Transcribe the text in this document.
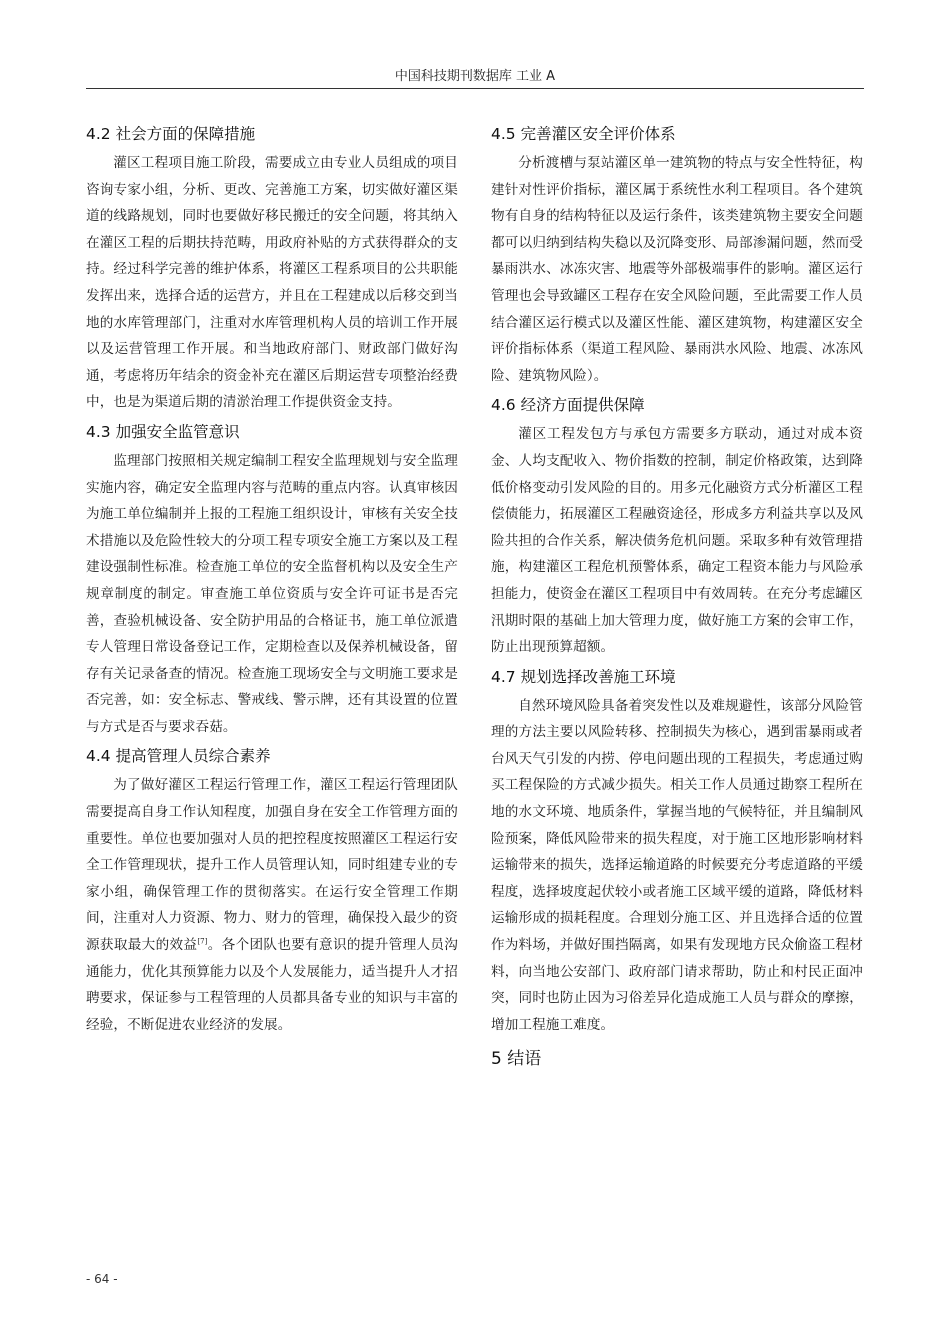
中国科技期刊数据库 工业 A
4.2 社会方面的保障措施

灌区工程项目施工阶段，需要成立由专业人员组成的项目咨询专家小组，分析、更改、完善施工方案，切实做好灌区渠道的线路规划，同时也要做好移民搬迁的安全问题，将其纳入在灌区工程的后期扶持范畴，用政府补贴的方式获得群众的支持。经过科学完善的维护体系，将灌区工程系项目的公共职能发挥出来，选择合适的运营方，并且在工程建成以后移交到当地的水库管理部门，注重对水库管理机构人员的培训工作开展以及运营管理工作开展。和当地政府部门、财政部门做好沟通，考虑将历年结余的资金补充在灌区后期运营专项整治经费中，也是为渠道后期的清淤治理工作提供资金支持。

4.3 加强安全监管意识

监理部门按照相关规定编制工程安全监理规划与安全监理实施内容，确定安全监理内容与范畴的重点内容。认真审核因为施工单位编制并上报的工程施工组织设计，审核有关安全技术措施以及危险性较大的分项工程专项安全施工方案以及工程建设强制性标准。检查施工单位的安全监督机构以及安全生产规章制度的制定。审查施工单位资质与安全许可证书是否完善，查验机械设备、安全防护用品的合格证书，施工单位派遣专人管理日常设备登记工作，定期检查以及保养机械设备，留存有关记录备查的情况。检查施工现场安全与文明施工要求是否完善，如：安全标志、警戒线、警示牌，还有其设置的位置与方式是否与要求吞菇。

4.4 提高管理人员综合素养

为了做好灌区工程运行管理工作，灌区工程运行管理团队需要提高自身工作认知程度，加强自身在安全工作管理方面的重要性。单位也要加强对人员的把控程度按照灌区工程运行安全工作管理现状，提升工作人员管理认知，同时组建专业的专家小组，确保管理工作的贯彻落实。在运行安全管理工作期间，注重对人力资源、物力、财力的管理，确保投入最少的资源获取最大的效益[7]。各个团队也要有意识的提升管理人员沟通能力，优化其预算能力以及个人发展能力，适当提升人才招聘要求，保证参与工程管理的人员都具备专业的知识与丰富的经验，不断促进农业经济的发展。

4.5 完善灌区安全评价体系

分析渡槽与泵站灌区单一建筑物的特点与安全性特征，构建针对性评价指标，灌区属于系统性水利工程项目。各个建筑物有自身的结构特征以及运行条件，该类建筑物主要安全问题都可以归纳到结构失稳以及沉降变形、局部渗漏问题，然而受暴雨洪水、冰冻灾害、地震等外部极端事件的影响。灌区运行管理也会导致罐区工程存在安全风险问题，至此需要工作人员结合灌区运行模式以及灌区性能、灌区建筑物，构建灌区安全评价指标体系（渠道工程风险、暴雨洪水风险、地震、冰冻风险、建筑物风险）。

4.6 经济方面提供保障

灌区工程发包方与承包方需要多方联动，通过对成本资金、人均支配收入、物价指数的控制，制定价格政策，达到降低价格变动引发风险的目的。用多元化融资方式分析灌区工程偿债能力，拓展灌区工程融资途径，形成多方利益共享以及风险共担的合作关系，解决债务危机问题。采取多种有效管理措施，构建灌区工程危机预警体系，确定工程资本能力与风险承担能力，使资金在灌区工程项目中有效周转。在充分考虑罐区汛期时限的基础上加大管理力度，做好施工方案的会审工作，防止出现预算超额。

4.7 规划选择改善施工环境

自然环境风险具备着突发性以及难规避性，该部分风险管理的方法主要以风险转移、控制损失为核心，遇到雷暴雨或者台风天气引发的内捞、停电问题出现的工程损失，考虑通过购买工程保险的方式减少损失。相关工作人员通过勘察工程所在地的水文环境、地质条件，掌握当地的气候特征，并且编制风险预案，降低风险带来的损失程度，对于施工区地形影响材料运输带来的损失，选择运输道路的时候要充分考虑道路的平缓程度，选择坡度起伏较小或者施工区域平缓的道路，降低材料运输形成的损耗程度。合理划分施工区、并且选择合适的位置作为料场，并做好围挡隔离，如果有发现地方民众偷盗工程材料，向当地公安部门、政府部门请求帮助，防止和村民正面冲突，同时也防止因为习俗差异化造成施工人员与群众的摩擦，增加工程施工难度。

5 结语
- 64 -
